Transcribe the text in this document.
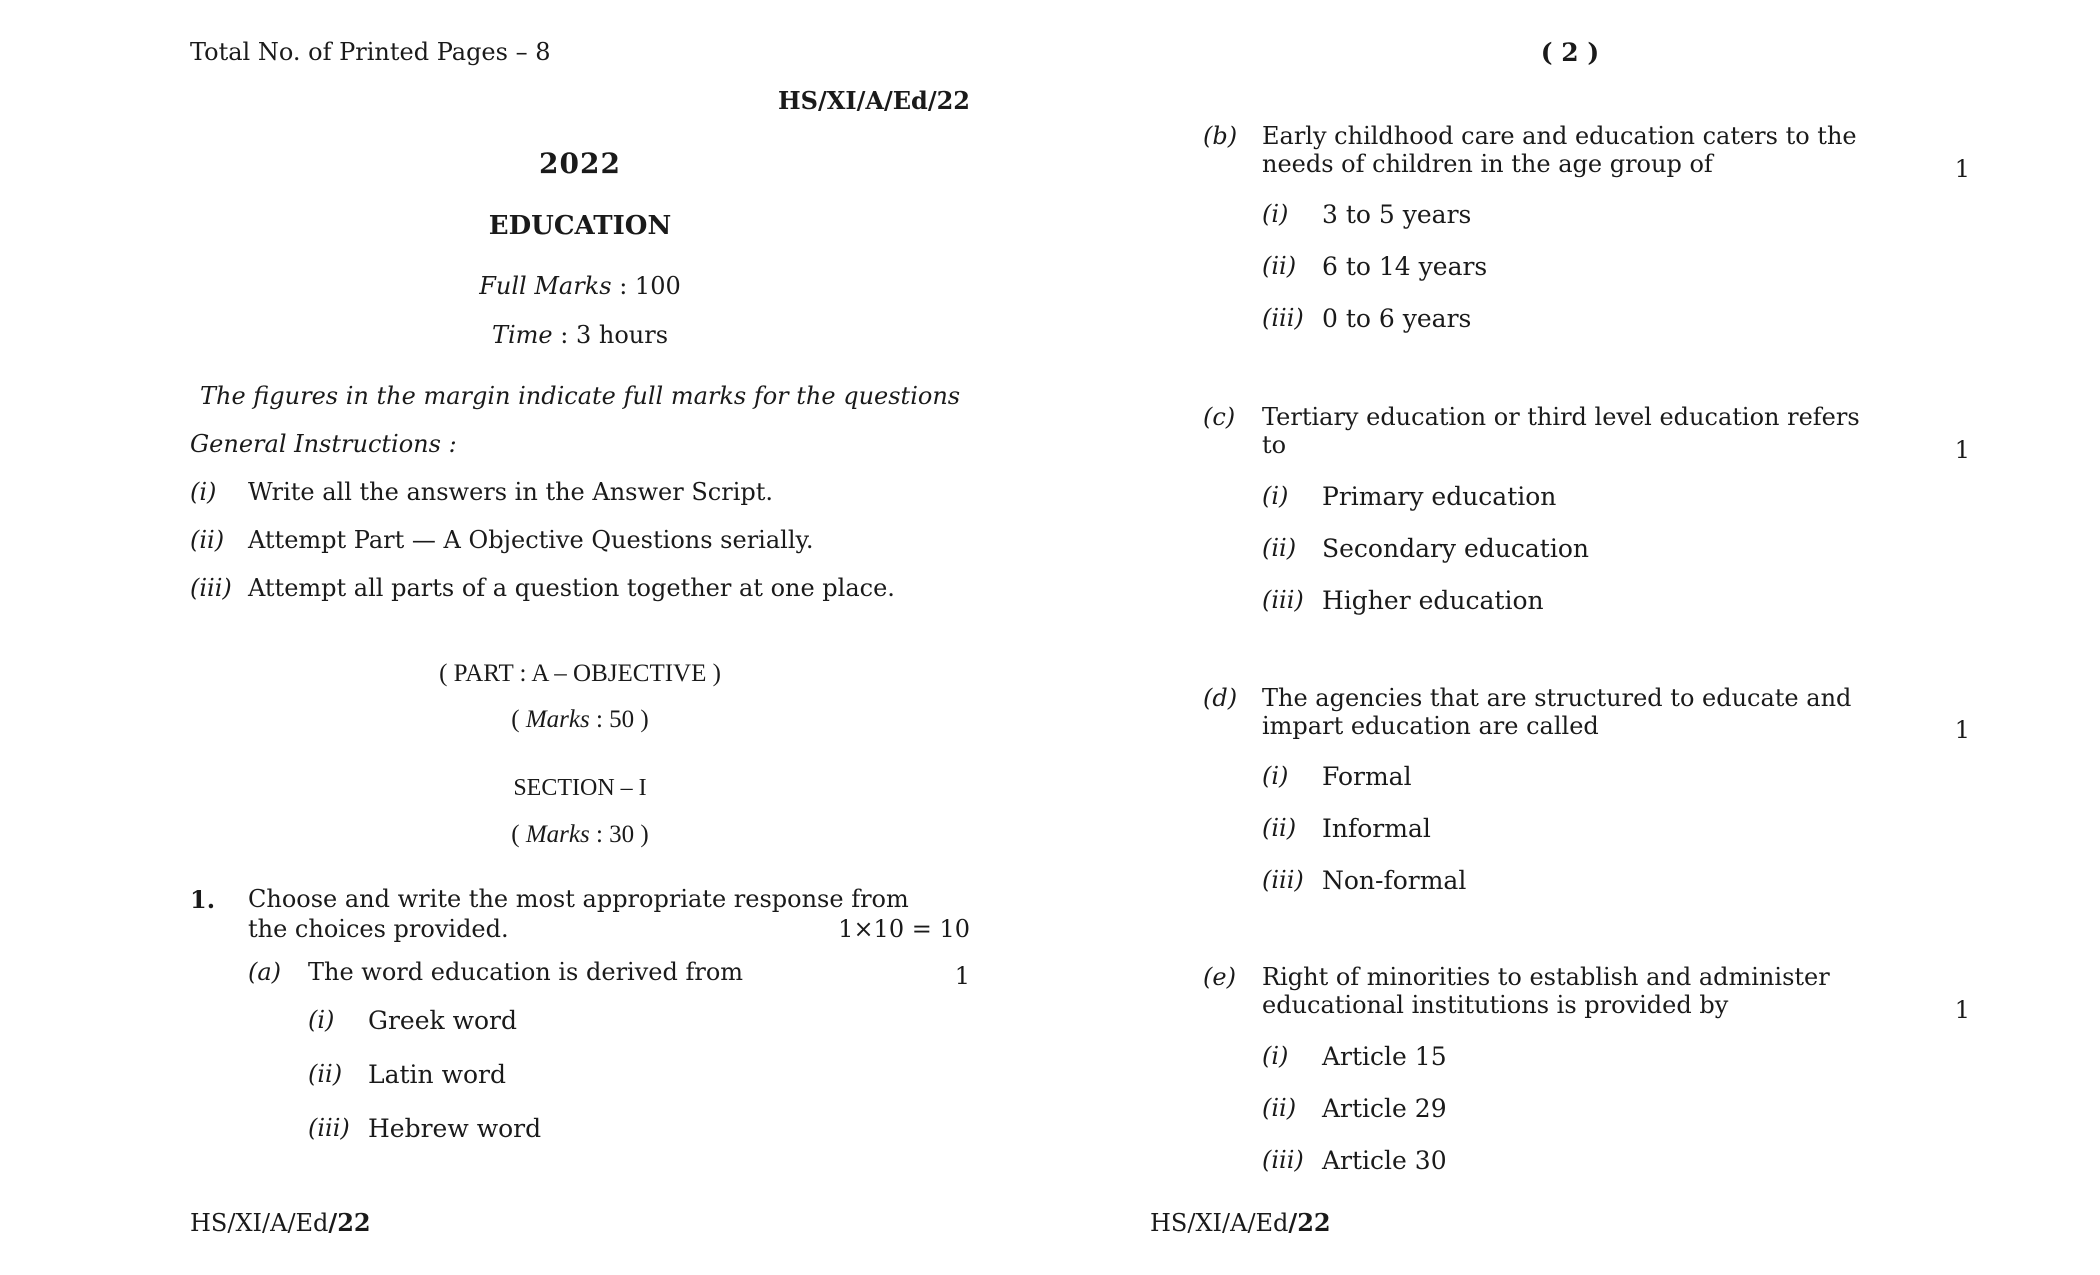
Total No. of Printed Pages – 8
HS/XI/A/Ed/22
2022
EDUCATION
Full Marks : 100
Time : 3 hours
The figures in the margin indicate full marks for the questions
General Instructions :
(i) Write all the answers in the Answer Script.
(ii) Attempt Part — A Objective Questions serially.
(iii) Attempt all parts of a question together at one place.
( PART : A – OBJECTIVE )
( Marks : 50 )
SECTION – I
( Marks : 30 )
1. Choose and write the most appropriate response from
the choices provided.	1×10 = 10
(a) The word education is derived from	1
(i) Greek word
(ii) Latin word
(iii) Hebrew word
HS/XI/A/Ed/22
( 2 )
(b) Early childhood care and education caters to the
needs of children in the age group of	1
(i) 3 to 5 years
(ii) 6 to 14 years
(iii) 0 to 6 years
(c) Tertiary education or third level education refers
to	1
(i) Primary education
(ii) Secondary education
(iii) Higher education
(d) The agencies that are structured to educate and
impart education are called	1
(i) Formal
(ii) Informal
(iii) Non-formal
(e) Right of minorities to establish and administer
educational institutions is provided by	1
(i) Article 15
(ii) Article 29
(iii) Article 30
HS/XI/A/Ed/22
